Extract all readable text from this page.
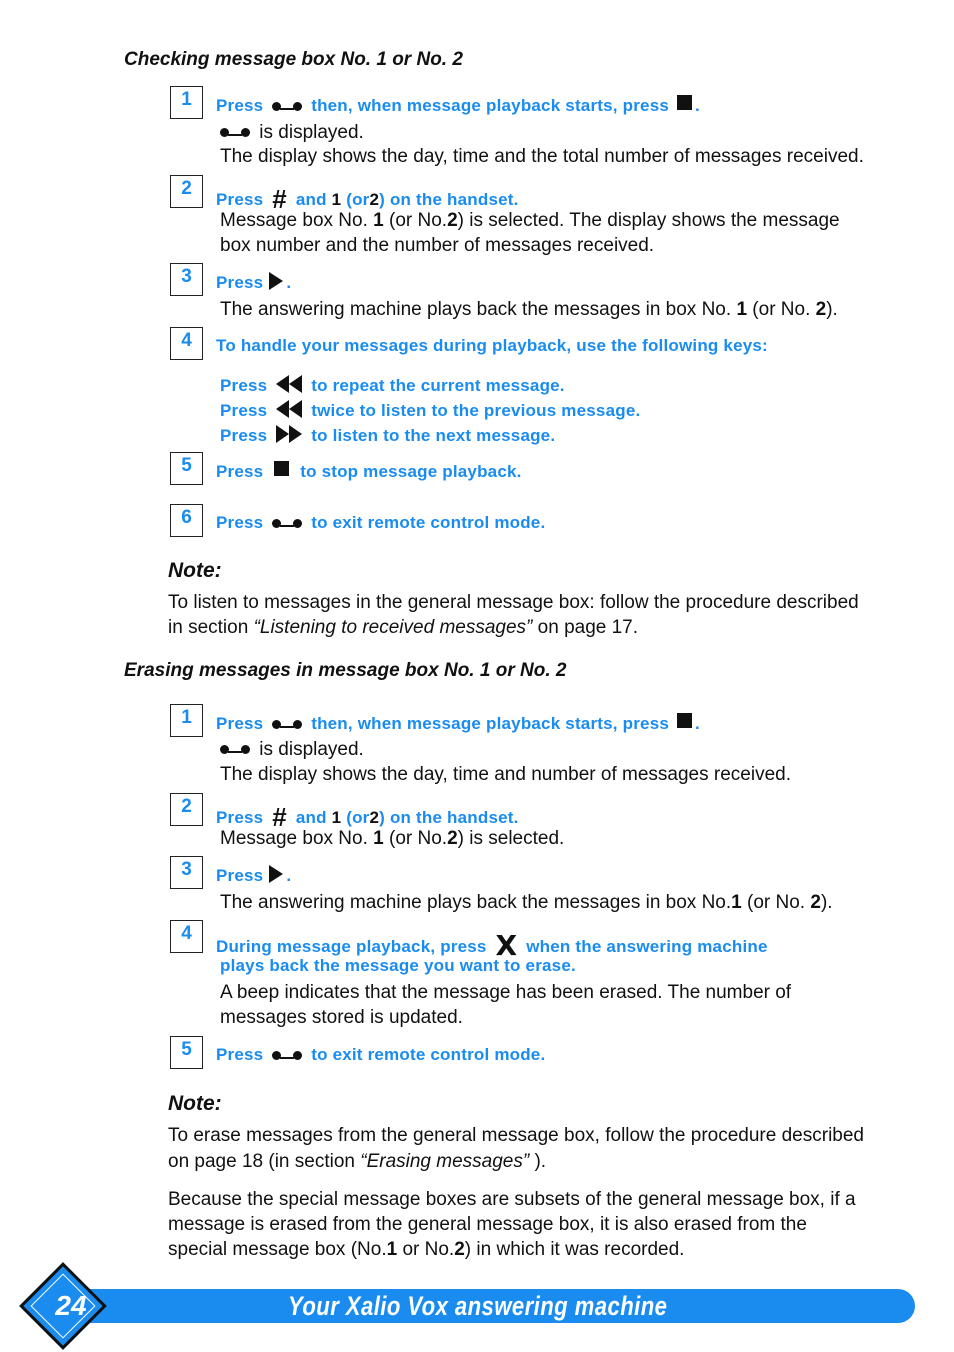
Checking message box No. 1 or No. 2
1	Press	then, when message playback starts, press .
is displayed.
The display shows the day, time and the total number of messages received.
2
Press # and 1 (or2) on the handset.
Message box No. 1 (or No.2) is selected. The display shows the message
box number and the number of messages received.
3	Press .
The answering machine plays back the messages in box No. 1 (or No. 2).
4	To handle your messages during playback, use the following keys:
Press	to repeat the current message.
Press	twice to listen to the previous message.
Press	to listen to the next message.
5	Press to stop message playback.
6	Press	to exit remote control mode.
Note:
To listen to messages in the general message box: follow the procedure described
in section “Listening to received messages” on page 17.
Erasing messages in message box No. 1 or No. 2
1	Press	then, when message playback starts, press .
is displayed.
The display shows the day, time and number of messages received.
2
Press # and 1 (or2) on the handset.
Message box No. 1 (or No.2) is selected.
3	Press .
The answering machine plays back the messages in box No.1 (or No. 2).
4
During message playback, press X when the answering machine
plays back the message you want to erase.
A beep indicates that the message has been erased. The number of
messages stored is updated.
5	Press	to exit remote control mode.
Note:
To erase messages from the general message box, follow the procedure described
on page 18 (in section “Erasing messages” ).
Because the special message boxes are subsets of the general message box, if a
message is erased from the general message box, it is also erased from the
special message box (No.1 or No.2) in which it was recorded.
24	Your Xalio Vox answering machine
